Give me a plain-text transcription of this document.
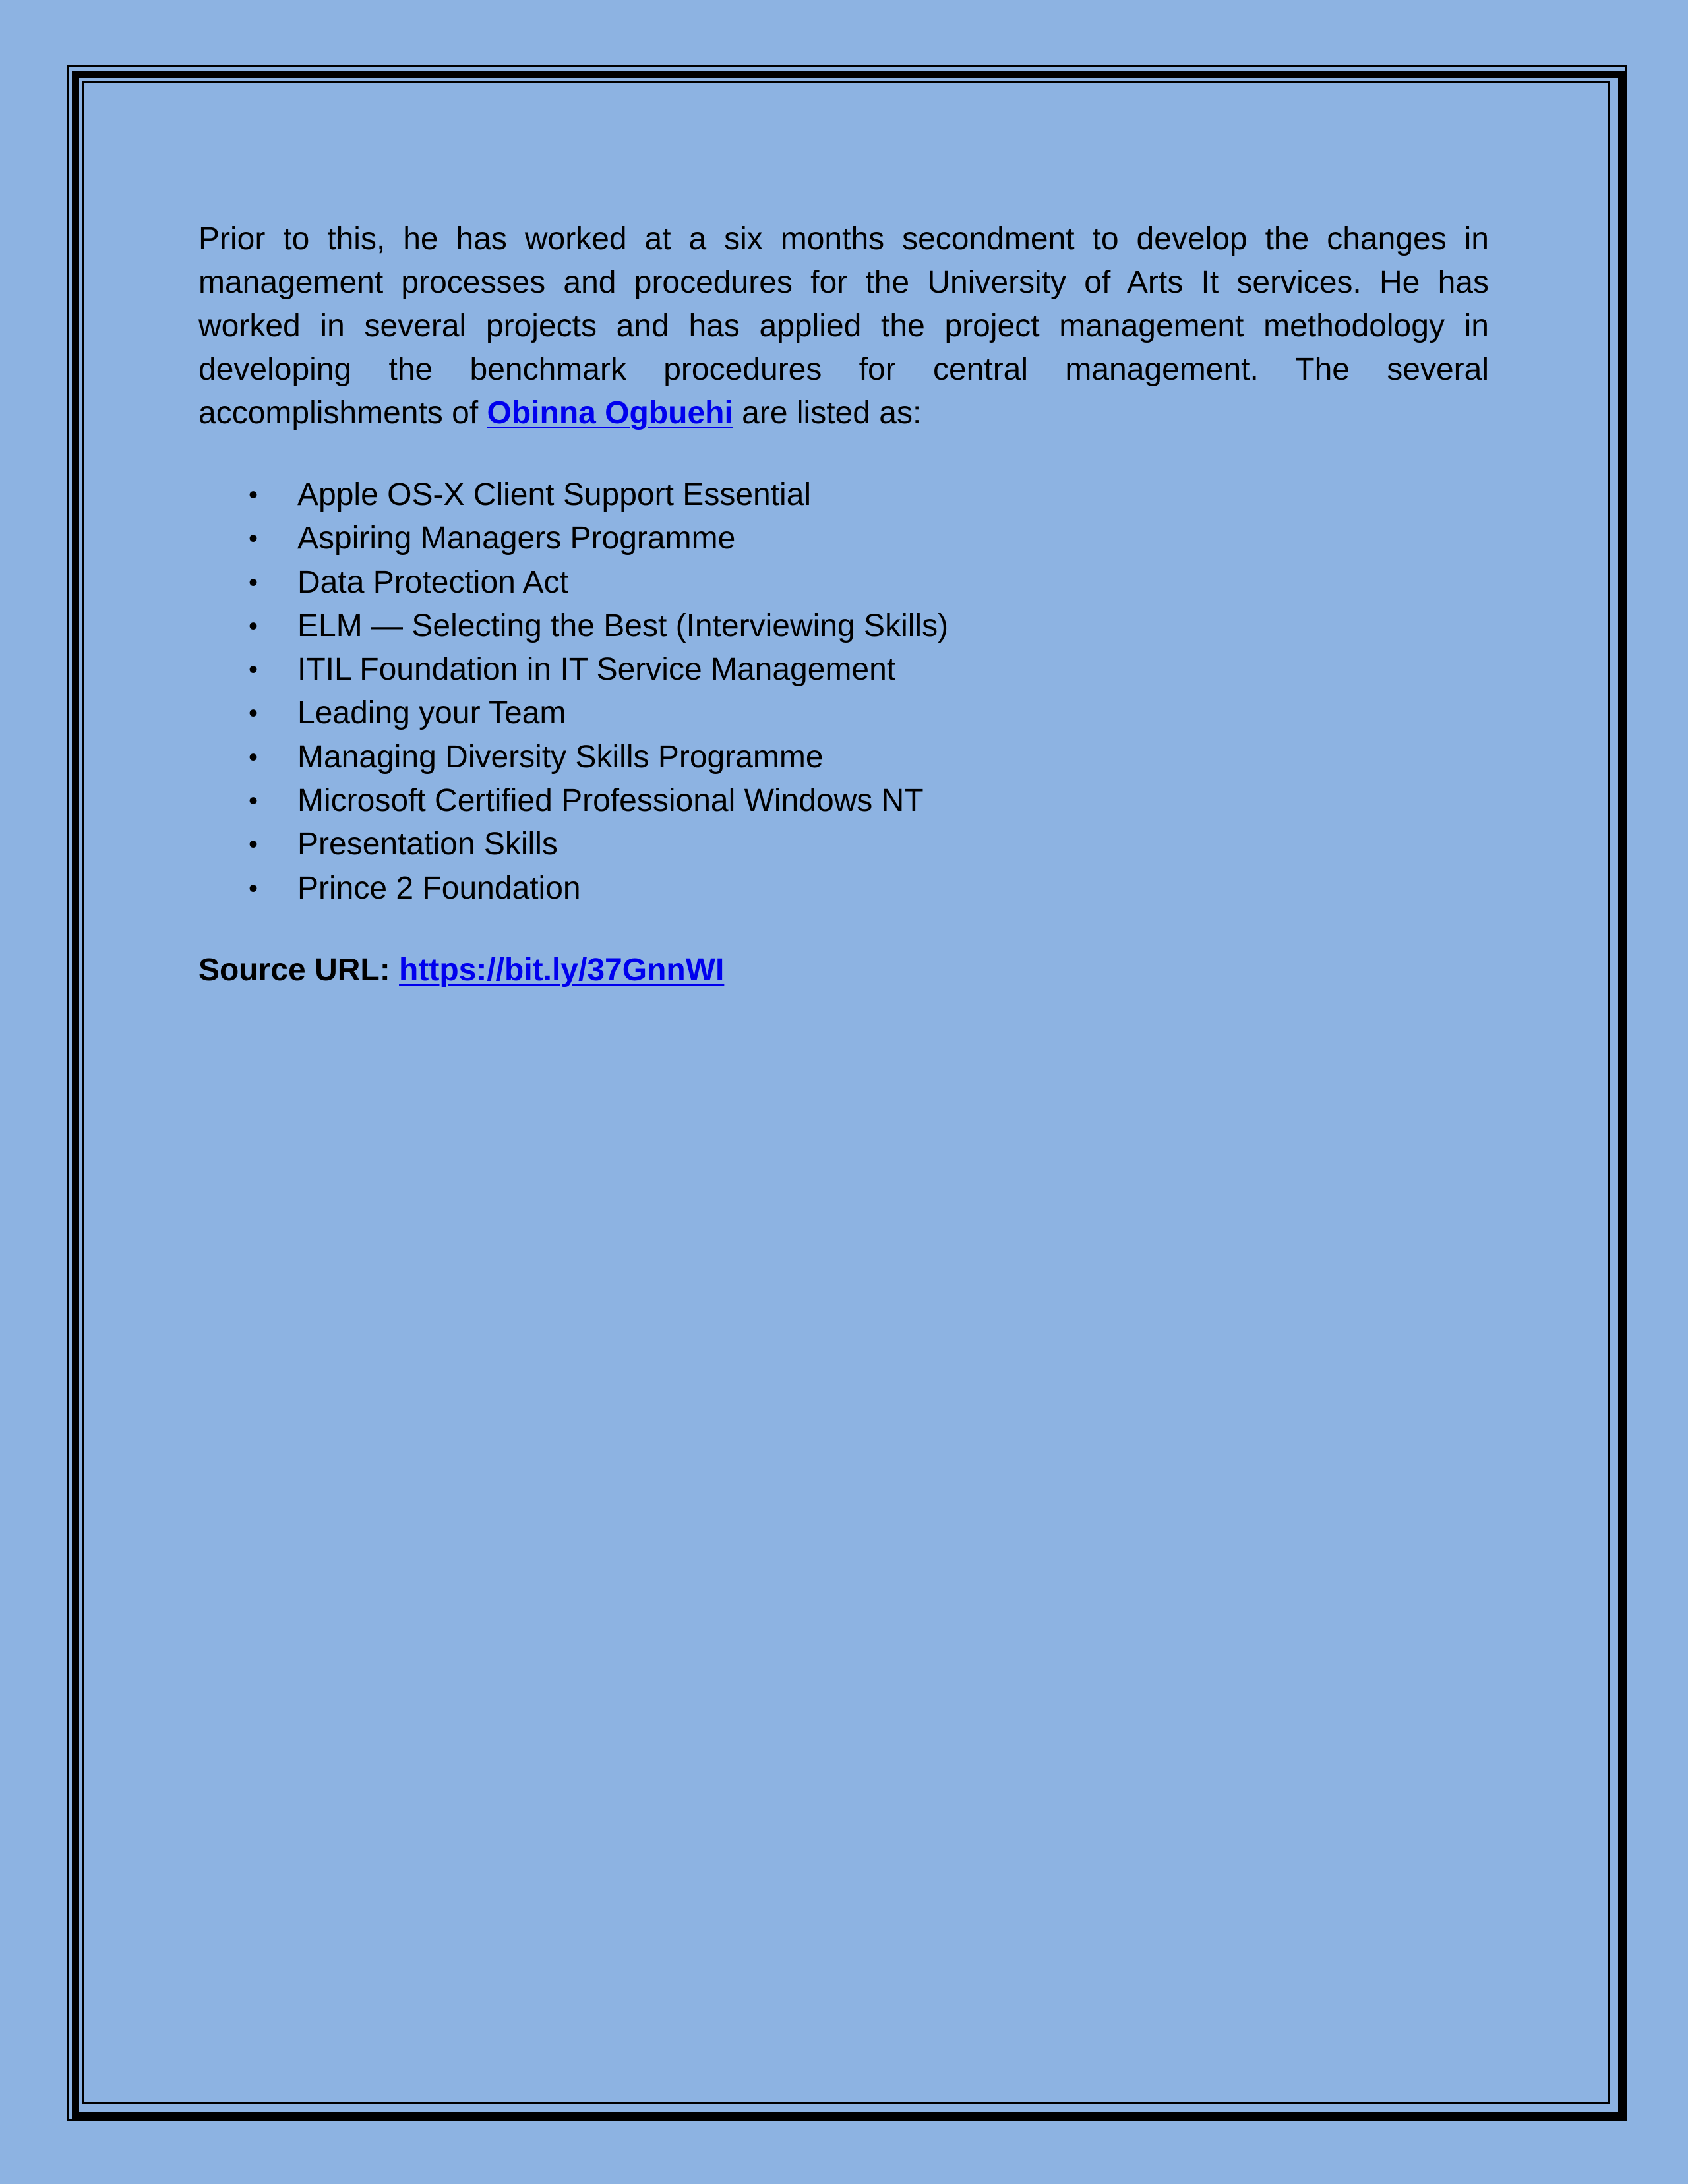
Prior to this, he has worked at a six months secondment to develop the changes in management processes and procedures for the University of Arts It services. He has worked in several projects and has applied the project management methodology in developing the benchmark procedures for central management. The several accomplishments of Obinna Ogbuehi are listed as:

• Apple OS-X Client Support Essential
• Aspiring Managers Programme
• Data Protection Act
• ELM — Selecting the Best (Interviewing Skills)
• ITIL Foundation in IT Service Management
• Leading your Team
• Managing Diversity Skills Programme
• Microsoft Certified Professional Windows NT
• Presentation Skills
• Prince 2 Foundation

Source URL: https://bit.ly/37GnnWI
